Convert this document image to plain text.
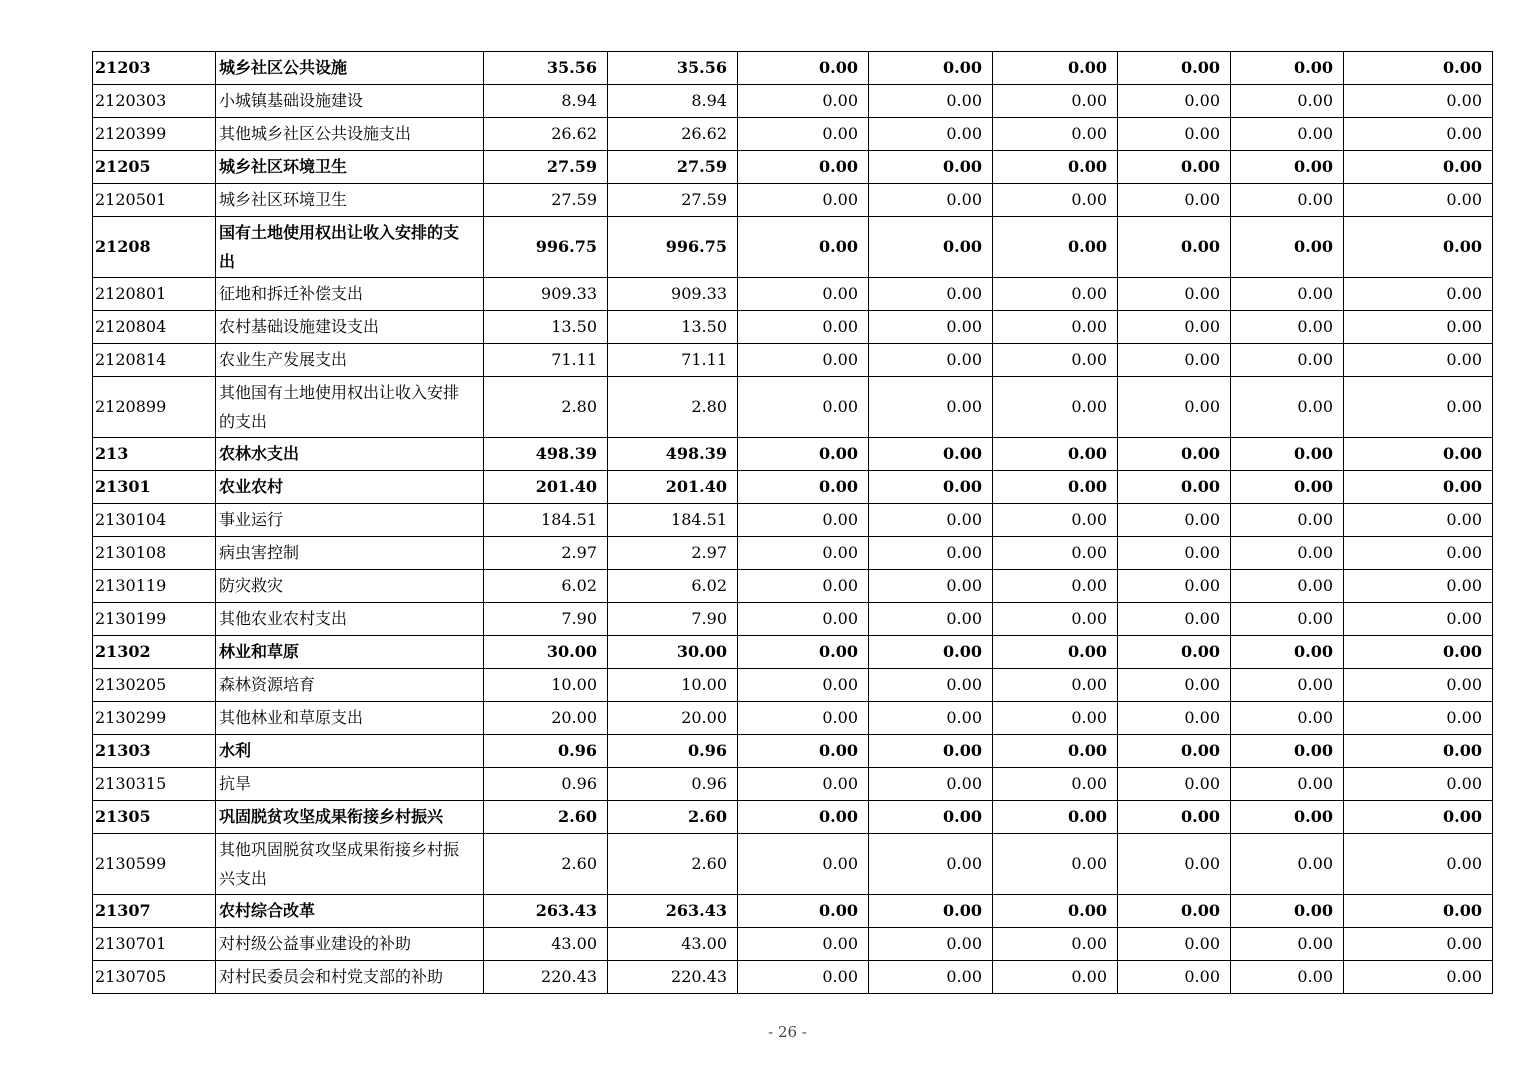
21203	城乡社区公共设施	35.56	35.56	0.00	0.00	0.00	0.00	0.00	0.00
2120303	小城镇基础设施建设	8.94	8.94	0.00	0.00	0.00	0.00	0.00	0.00
2120399	其他城乡社区公共设施支出	26.62	26.62	0.00	0.00	0.00	0.00	0.00	0.00
21205	城乡社区环境卫生	27.59	27.59	0.00	0.00	0.00	0.00	0.00	0.00
2120501	城乡社区环境卫生	27.59	27.59	0.00	0.00	0.00	0.00	0.00	0.00
21208	国有土地使用权出让收入安排的支出	996.75	996.75	0.00	0.00	0.00	0.00	0.00	0.00
2120801	征地和拆迁补偿支出	909.33	909.33	0.00	0.00	0.00	0.00	0.00	0.00
2120804	农村基础设施建设支出	13.50	13.50	0.00	0.00	0.00	0.00	0.00	0.00
2120814	农业生产发展支出	71.11	71.11	0.00	0.00	0.00	0.00	0.00	0.00
2120899	其他国有土地使用权出让收入安排的支出	2.80	2.80	0.00	0.00	0.00	0.00	0.00	0.00
213	农林水支出	498.39	498.39	0.00	0.00	0.00	0.00	0.00	0.00
21301	农业农村	201.40	201.40	0.00	0.00	0.00	0.00	0.00	0.00
2130104	事业运行	184.51	184.51	0.00	0.00	0.00	0.00	0.00	0.00
2130108	病虫害控制	2.97	2.97	0.00	0.00	0.00	0.00	0.00	0.00
2130119	防灾救灾	6.02	6.02	0.00	0.00	0.00	0.00	0.00	0.00
2130199	其他农业农村支出	7.90	7.90	0.00	0.00	0.00	0.00	0.00	0.00
21302	林业和草原	30.00	30.00	0.00	0.00	0.00	0.00	0.00	0.00
2130205	森林资源培育	10.00	10.00	0.00	0.00	0.00	0.00	0.00	0.00
2130299	其他林业和草原支出	20.00	20.00	0.00	0.00	0.00	0.00	0.00	0.00
21303	水利	0.96	0.96	0.00	0.00	0.00	0.00	0.00	0.00
2130315	抗旱	0.96	0.96	0.00	0.00	0.00	0.00	0.00	0.00
21305	巩固脱贫攻坚成果衔接乡村振兴	2.60	2.60	0.00	0.00	0.00	0.00	0.00	0.00
2130599	其他巩固脱贫攻坚成果衔接乡村振兴支出	2.60	2.60	0.00	0.00	0.00	0.00	0.00	0.00
21307	农村综合改革	263.43	263.43	0.00	0.00	0.00	0.00	0.00	0.00
2130701	对村级公益事业建设的补助	43.00	43.00	0.00	0.00	0.00	0.00	0.00	0.00
2130705	对村民委员会和村党支部的补助	220.43	220.43	0.00	0.00	0.00	0.00	0.00	0.00
- 26 -
